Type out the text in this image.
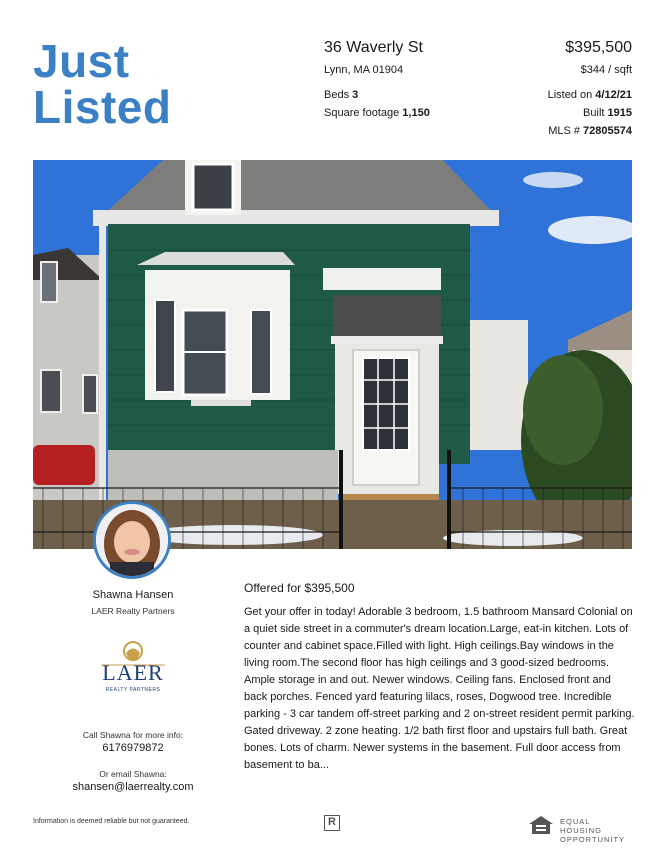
Just
Listed
36 Waverly St
Lynn, MA 01904
$395,500
$344 / sqft
Beds 3
Square footage 1,150
Listed on 4/12/21
Built 1915
MLS # 72805574
Shawna Hansen
LAER Realty Partners
LAER
REALTY PARTNERS
Call Shawna for more info:
6176979872
Or email Shawna:
shansen@laerrealty.com
Offered for $395,500
Get your offer in today! Adorable 3 bedroom, 1.5 bathroom Mansard Colonial on a quiet side street in a commuter's dream location.Large, eat-in kitchen. Lots of counter and cabinet space.Filled with light. High ceilings.Bay windows in the living room.The second floor has high ceilings and 3 good-sized bedrooms. Ample storage in and out. Newer windows. Ceiling fans. Enclosed front and back porches. Fenced yard featuring lilacs, roses, Dogwood tree. Incredible parking - 3 car tandem off-street parking and 2 on-street resident permit parking. Gated driveway. 2 zone heating. 1/2 bath first floor and upstairs full bath. Great bones. Lots of charm. Newer systems in the basement. Full door access from basement to ba...
Information is deemed reliable but not guaranteed.	R	EQUAL HOUSING
OPPORTUNITY
